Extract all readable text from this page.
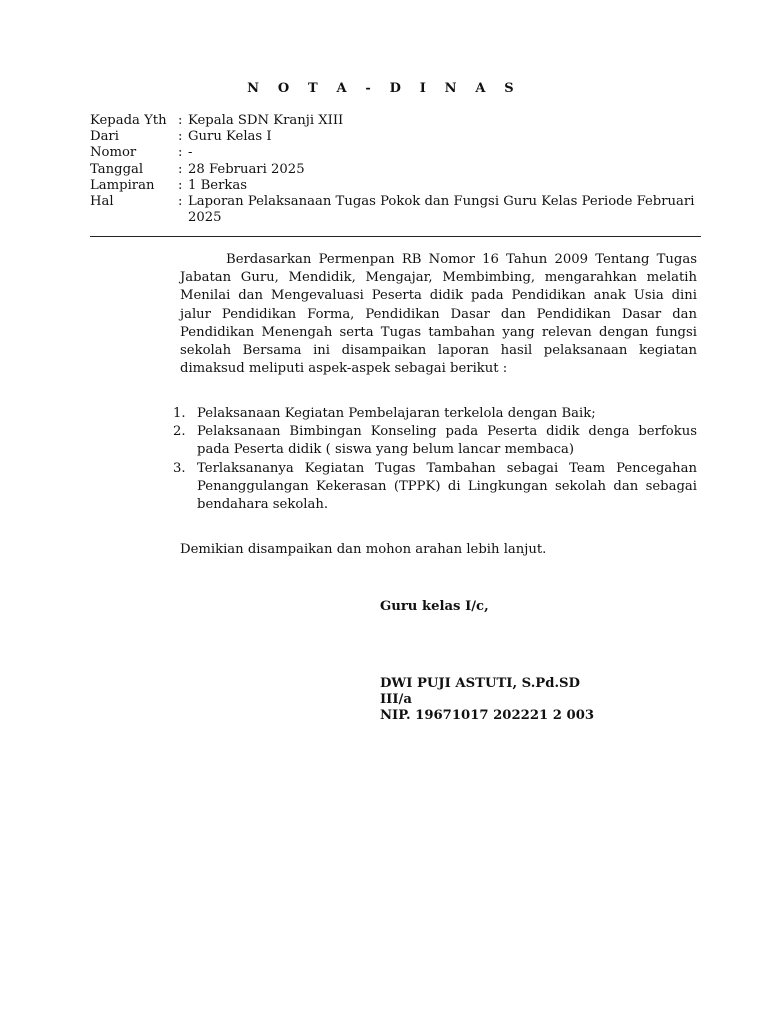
N O T A - D I N A S
Kepada Yth : Kepala SDN Kranji XIII
Dari	: Guru Kelas I
Nomor	: -
Tanggal	: 28 Februari 2025
Lampiran	: 1 Berkas
Hal	: Laporan Pelaksanaan Tugas Pokok dan Fungsi Guru Kelas Periode Februari 2025

Berdasarkan Permenpan RB Nomor 16 Tahun 2009 Tentang Tugas Jabatan Guru, Mendidik, Mengajar, Membimbing, mengarahkan melatih Menilai dan Mengevaluasi Peserta didik pada Pendidikan anak Usia dini jalur Pendidikan Forma, Pendidikan Dasar dan Pendidikan Dasar dan Pendidikan Menengah serta Tugas tambahan yang relevan dengan fungsi sekolah Bersama ini disampaikan laporan hasil pelaksanaan kegiatan dimaksud meliputi aspek-aspek sebagai berikut :

1. Pelaksanaan Kegiatan Pembelajaran terkelola dengan Baik;
2. Pelaksanaan Bimbingan Konseling pada Peserta didik denga berfokus pada Peserta didik ( siswa yang belum lancar membaca)
3. Terlaksananya Kegiatan Tugas Tambahan sebagai Team Pencegahan Penanggulangan Kekerasan (TPPK) di Lingkungan sekolah dan sebagai bendahara sekolah.
Demikian disampaikan dan mohon arahan lebih lanjut.
Guru kelas I/c,
DWI PUJI ASTUTI, S.Pd.SD
III/a
NIP. 19671017 202221 2 003
